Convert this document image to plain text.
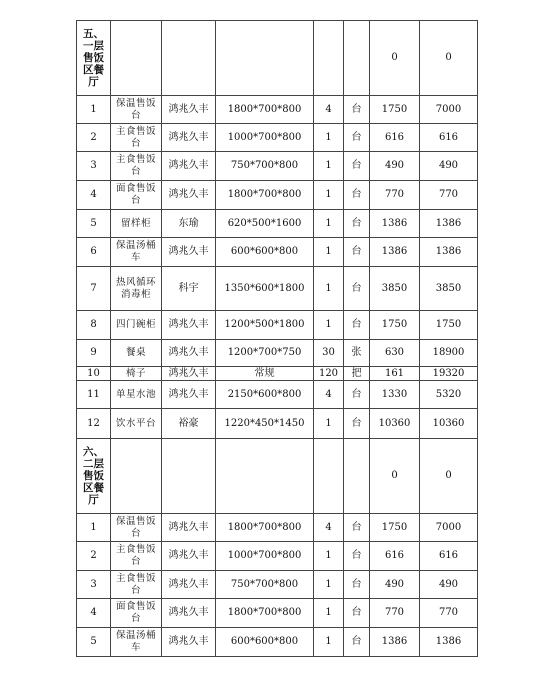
五、一层售饭区餐厅						0	0
1	保温售饭台	鸿兆久丰	1800*700*800	4	台	1750	7000
2	主食售饭台	鸿兆久丰	1000*700*800	1	台	616	616
3	主食售饭台	鸿兆久丰	750*700*800	1	台	490	490
4	面食售饭台	鸿兆久丰	1800*700*800	1	台	770	770
5	留样柜	东瑜	620*500*1600	1	台	1386	1386
6	保温汤桶车	鸿兆久丰	600*600*800	1	台	1386	1386
7	热风循环消毒柜	科宇	1350*600*1800	1	台	3850	3850
8	四门碗柜	鸿兆久丰	1200*500*1800	1	台	1750	1750
9	餐桌	鸿兆久丰	1200*700*750	30	张	630	18900
10	椅子	鸿兆久丰	常规	120	把	161	19320
11	单星水池	鸿兆久丰	2150*600*800	4	台	1330	5320
12	饮水平台	裕豪	1220*450*1450	1	台	10360	10360
六、二层售饭区餐厅						0	0
1	保温售饭台	鸿兆久丰	1800*700*800	4	台	1750	7000
2	主食售饭台	鸿兆久丰	1000*700*800	1	台	616	616
3	主食售饭台	鸿兆久丰	750*700*800	1	台	490	490
4	面食售饭台	鸿兆久丰	1800*700*800	1	台	770	770
5	保温汤桶车	鸿兆久丰	600*600*800	1	台	1386	1386
